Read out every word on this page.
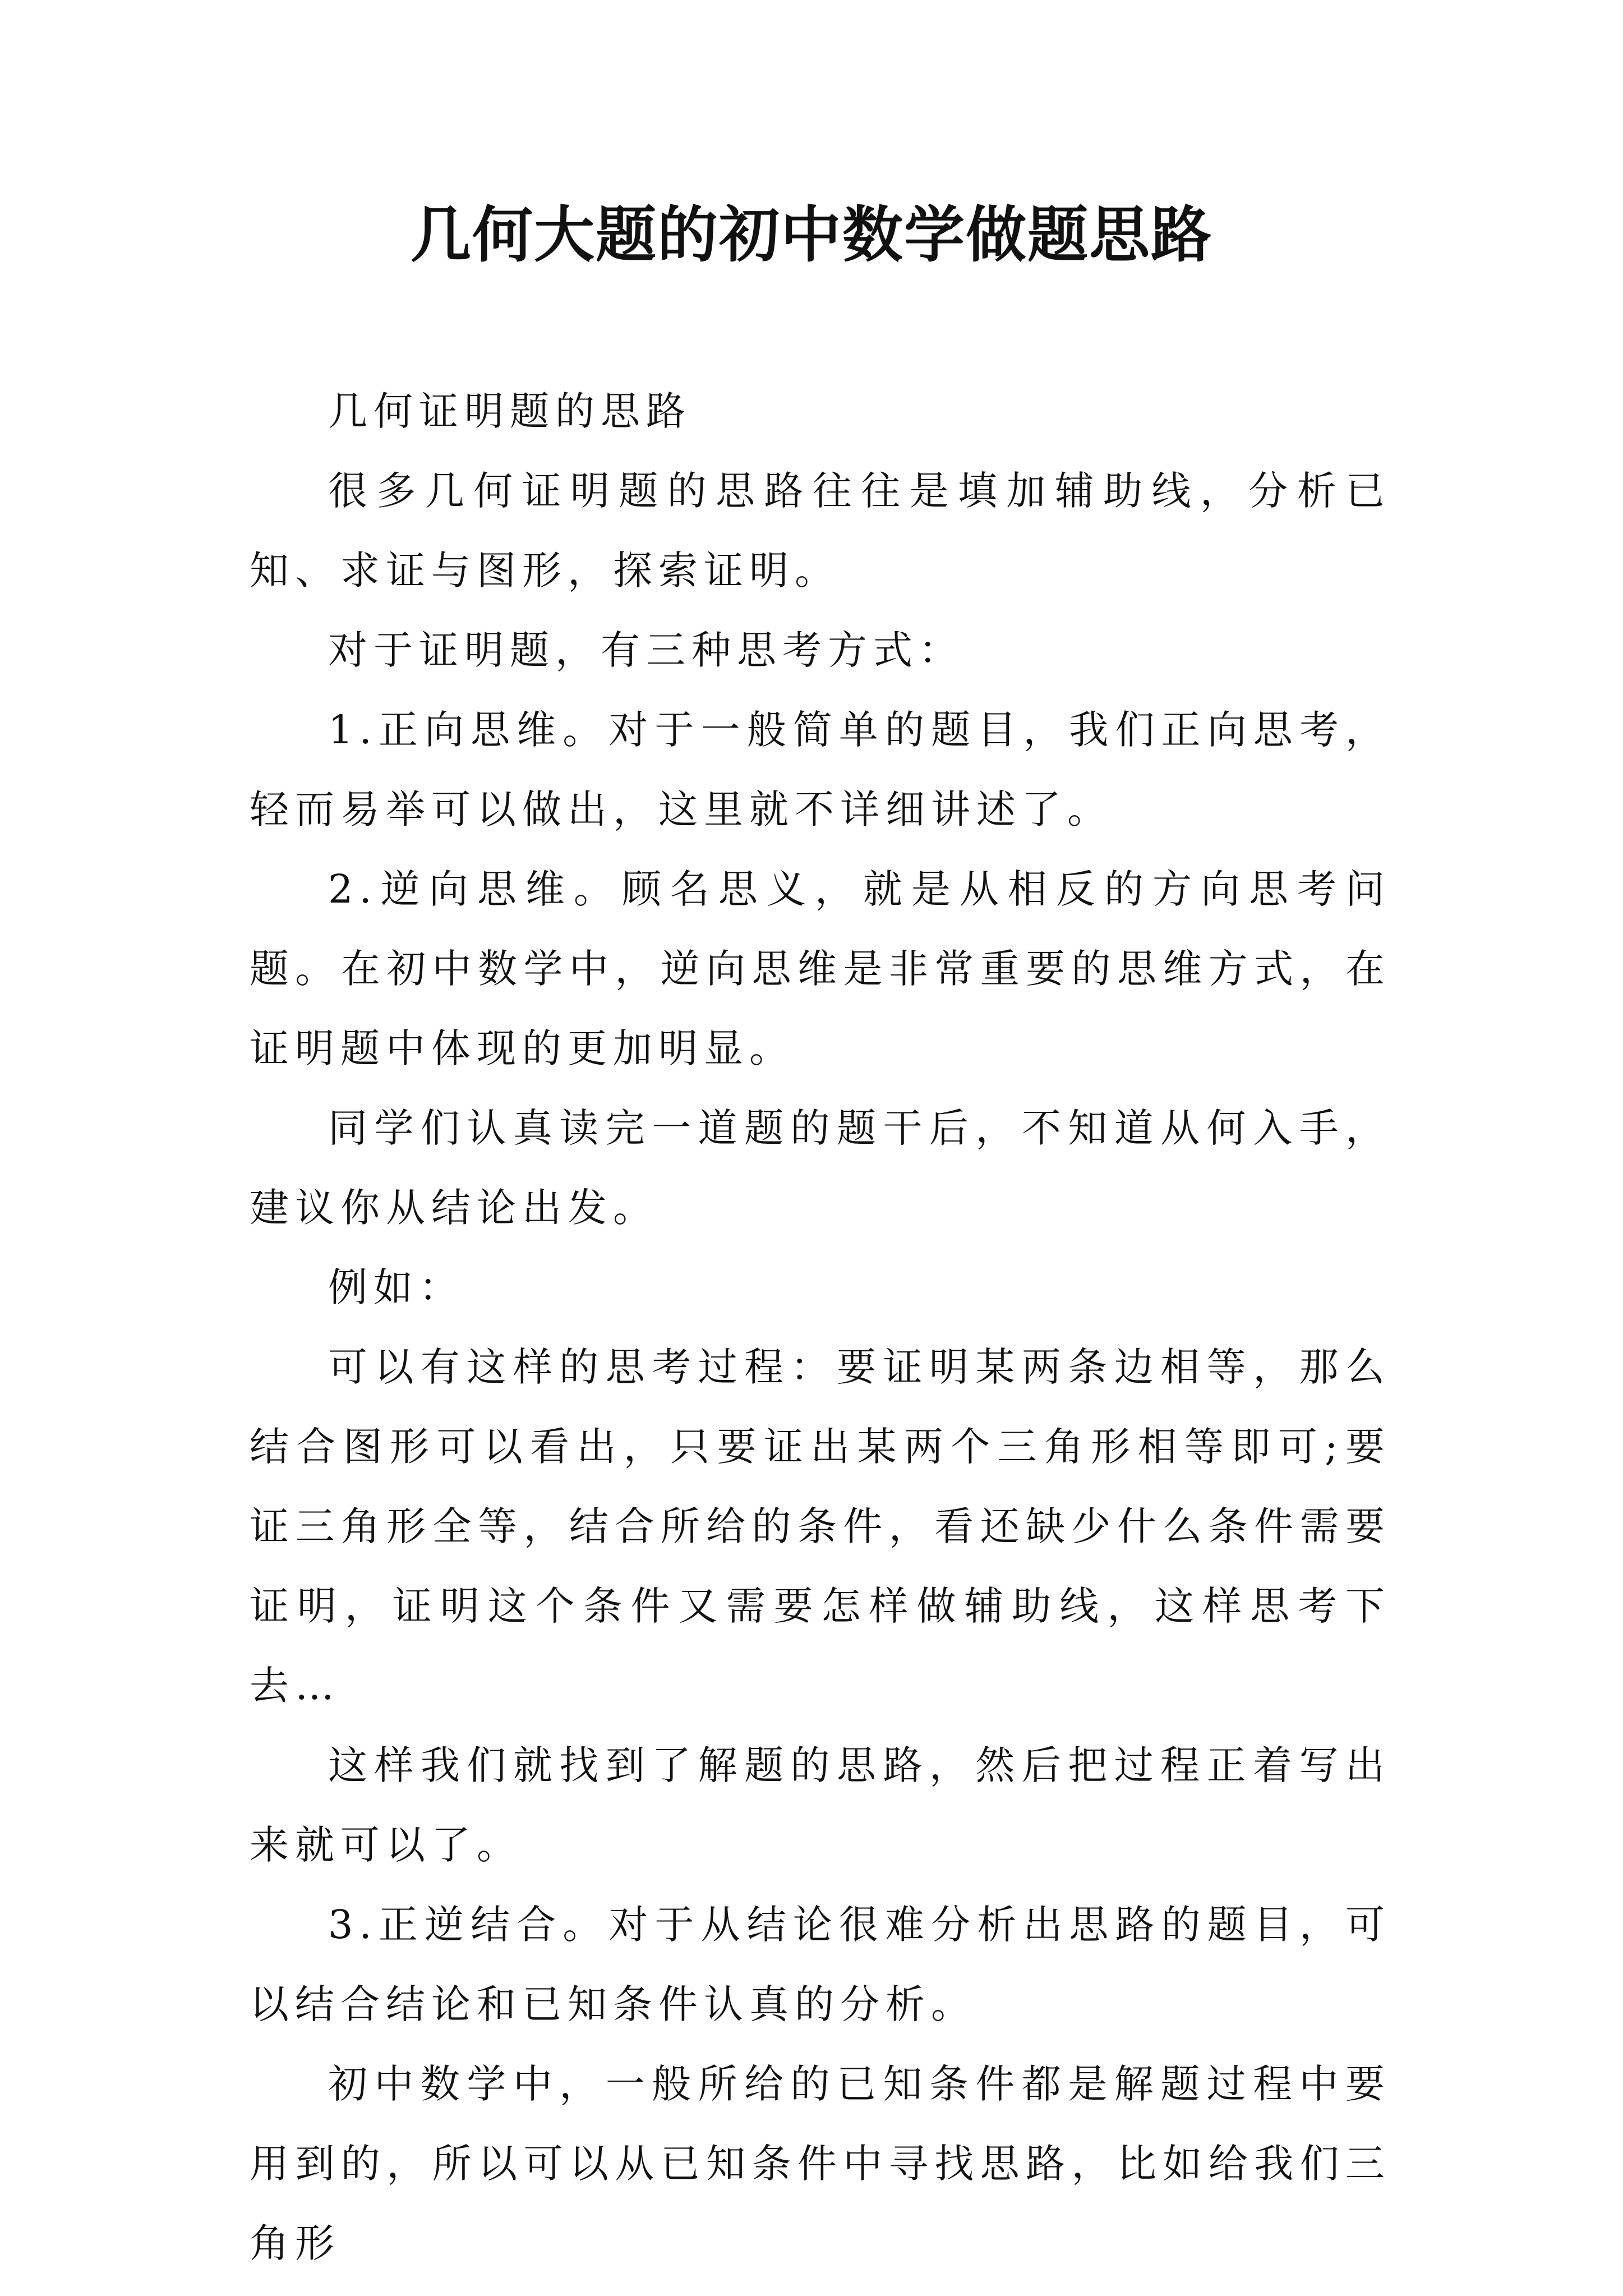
几何大题的初中数学做题思路

几何证明题的思路

很多几何证明题的思路往往是填加辅助线，分析已知、求证与图形，探索证明。

对于证明题，有三种思考方式：

1.正向思维。对于一般简单的题目，我们正向思考，轻而易举可以做出，这里就不详细讲述了。

2.逆向思维。顾名思义，就是从相反的方向思考问题。在初中数学中，逆向思维是非常重要的思维方式，在证明题中体现的更加明显。

同学们认真读完一道题的题干后，不知道从何入手，建议你从结论出发。

例如：

可以有这样的思考过程：要证明某两条边相等，那么结合图形可以看出，只要证出某两个三角形相等即可;要证三角形全等，结合所给的条件，看还缺少什么条件需要证明，证明这个条件又需要怎样做辅助线，这样思考下去…

这样我们就找到了解题的思路，然后把过程正着写出来就可以了。

3.正逆结合。对于从结论很难分析出思路的题目，可以结合结论和已知条件认真的分析。

初中数学中，一般所给的已知条件都是解题过程中要用到的，所以可以从已知条件中寻找思路，比如给我们三角形
